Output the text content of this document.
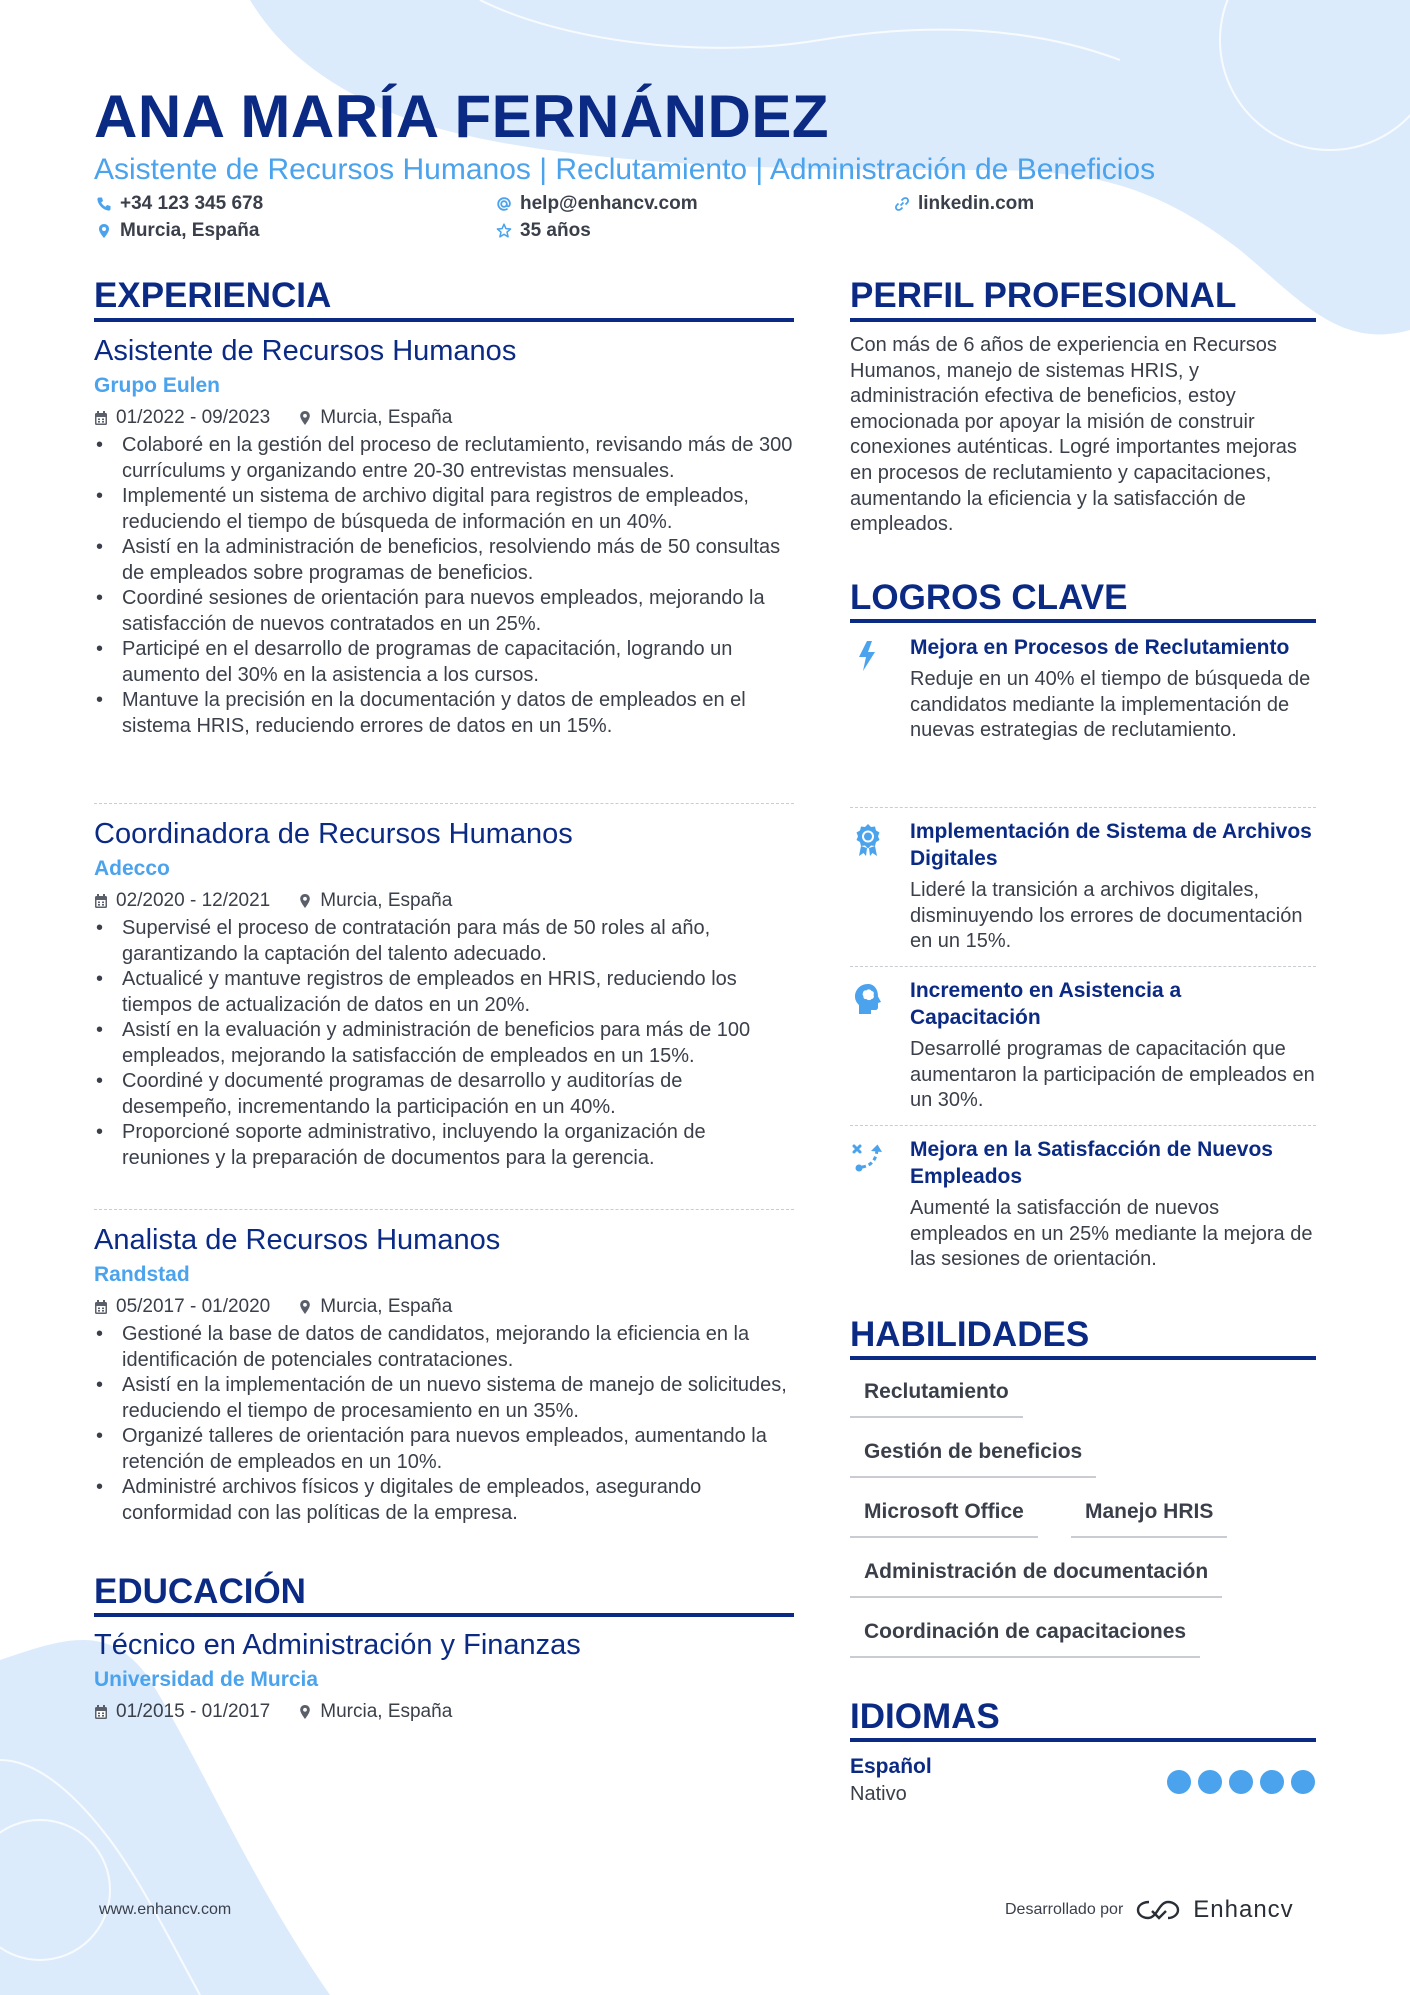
ANA MARÍA FERNÁNDEZ
Asistente de Recursos Humanos | Reclutamiento | Administración de Beneficios
+34 123 345 678	help@enhancv.com	linkedin.com
Murcia, España	35 años
EXPERIENCIA
Asistente de Recursos Humanos
Grupo Eulen
01/2022 - 09/2023	Murcia, España
• Colaboré en la gestión del proceso de reclutamiento, revisando más de 300 currículums y organizando entre 20-30 entrevistas mensuales.
• Implementé un sistema de archivo digital para registros de empleados, reduciendo el tiempo de búsqueda de información en un 40%.
• Asistí en la administración de beneficios, resolviendo más de 50 consultas de empleados sobre programas de beneficios.
• Coordiné sesiones de orientación para nuevos empleados, mejorando la satisfacción de nuevos contratados en un 25%.
• Participé en el desarrollo de programas de capacitación, logrando un aumento del 30% en la asistencia a los cursos.
• Mantuve la precisión en la documentación y datos de empleados en el sistema HRIS, reduciendo errores de datos en un 15%.
Coordinadora de Recursos Humanos
Adecco
02/2020 - 12/2021	Murcia, España
• Supervisé el proceso de contratación para más de 50 roles al año, garantizando la captación del talento adecuado.
• Actualicé y mantuve registros de empleados en HRIS, reduciendo los tiempos de actualización de datos en un 20%.
• Asistí en la evaluación y administración de beneficios para más de 100 empleados, mejorando la satisfacción de empleados en un 15%.
• Coordiné y documenté programas de desarrollo y auditorías de desempeño, incrementando la participación en un 40%.
• Proporcioné soporte administrativo, incluyendo la organización de reuniones y la preparación de documentos para la gerencia.
Analista de Recursos Humanos
Randstad
05/2017 - 01/2020	Murcia, España
• Gestioné la base de datos de candidatos, mejorando la eficiencia en la identificación de potenciales contrataciones.
• Asistí en la implementación de un nuevo sistema de manejo de solicitudes, reduciendo el tiempo de procesamiento en un 35%.
• Organizé talleres de orientación para nuevos empleados, aumentando la retención de empleados en un 10%.
• Administré archivos físicos y digitales de empleados, asegurando conformidad con las políticas de la empresa.
EDUCACIÓN
Técnico en Administración y Finanzas
Universidad de Murcia
01/2015 - 01/2017	Murcia, España
PERFIL PROFESIONAL
Con más de 6 años de experiencia en Recursos Humanos, manejo de sistemas HRIS, y administración efectiva de beneficios, estoy emocionada por apoyar la misión de construir conexiones auténticas. Logré importantes mejoras en procesos de reclutamiento y capacitaciones, aumentando la eficiencia y la satisfacción de empleados.
LOGROS CLAVE
Mejora en Procesos de Reclutamiento
Reduje en un 40% el tiempo de búsqueda de candidatos mediante la implementación de nuevas estrategias de reclutamiento.
Implementación de Sistema de Archivos Digitales
Lideré la transición a archivos digitales, disminuyendo los errores de documentación en un 15%.
Incremento en Asistencia a Capacitación
Desarrollé programas de capacitación que aumentaron la participación de empleados en un 30%.
Mejora en la Satisfacción de Nuevos Empleados
Aumenté la satisfacción de nuevos empleados en un 25% mediante la mejora de las sesiones de orientación.
HABILIDADES
Reclutamiento
Gestión de beneficios
Microsoft Office	Manejo HRIS
Administración de documentación
Coordinación de capacitaciones
IDIOMAS
Español
Nativo
www.enhancv.com	Desarrollado por	Enhancv
